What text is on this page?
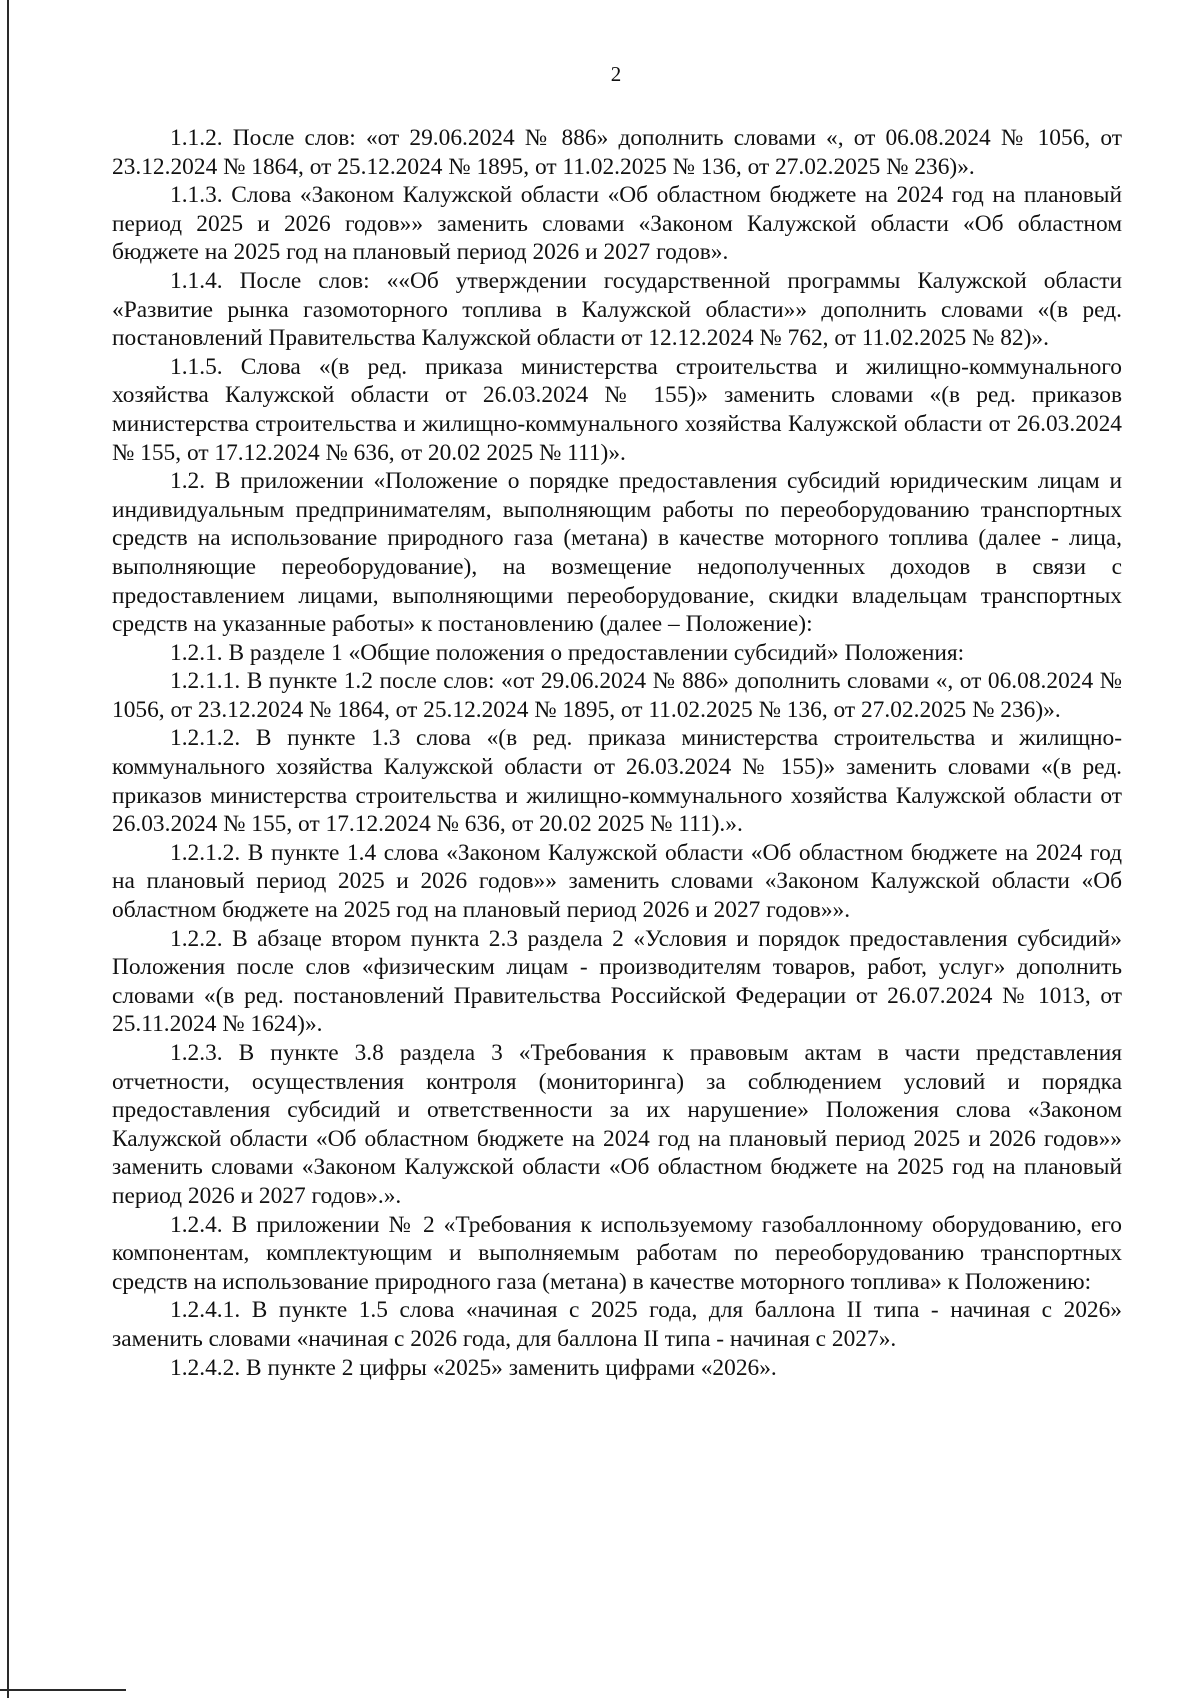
2

1.1.2. После слов: «от 29.06.2024 № 886» дополнить словами «, от 06.08.2024 № 1056, от 23.12.2024 № 1864, от 25.12.2024 № 1895, от 11.02.2025 № 136, от 27.02.2025 № 236)».

1.1.3. Слова «Законом Калужской области «Об областном бюджете на 2024 год на плановый период 2025 и 2026 годов»» заменить словами «Законом Калужской области «Об областном бюджете на 2025 год на плановый период 2026 и 2027 годов».

1.1.4. После слов: ««Об утверждении государственной программы Калужской области «Развитие рынка газомоторного топлива в Калужской области»» дополнить словами «(в ред. постановлений Правительства Калужской области от 12.12.2024 № 762, от 11.02.2025 № 82)».

1.1.5. Слова «(в ред. приказа министерства строительства и жилищно-коммунального хозяйства Калужской области от 26.03.2024 № 155)» заменить словами «(в ред. приказов министерства строительства и жилищно-коммунального хозяйства Калужской области от 26.03.2024 № 155, от 17.12.2024 № 636, от 20.02 2025 № 111)».

1.2. В приложении «Положение о порядке предоставления субсидий юридическим лицам и индивидуальным предпринимателям, выполняющим работы по переоборудованию транспортных средств на использование природного газа (метана) в качестве моторного топлива (далее - лица, выполняющие переоборудование), на возмещение недополученных доходов в связи с предоставлением лицами, выполняющими переоборудование, скидки владельцам транспортных средств на указанные работы» к постановлению (далее – Положение):

1.2.1. В разделе 1 «Общие положения о предоставлении субсидий» Положения:

1.2.1.1. В пункте 1.2 после слов: «от 29.06.2024 № 886» дополнить словами «, от 06.08.2024 № 1056, от 23.12.2024 № 1864, от 25.12.2024 № 1895, от 11.02.2025 № 136, от 27.02.2025 № 236)».

1.2.1.2. В пункте 1.3 слова «(в ред. приказа министерства строительства и жилищно-коммунального хозяйства Калужской области от 26.03.2024 № 155)» заменить словами «(в ред. приказов министерства строительства и жилищно-коммунального хозяйства Калужской области от 26.03.2024 № 155, от 17.12.2024 № 636, от 20.02 2025 № 111).».

1.2.1.2. В пункте 1.4 слова «Законом Калужской области «Об областном бюджете на 2024 год на плановый период 2025 и 2026 годов»» заменить словами «Законом Калужской области «Об областном бюджете на 2025 год на плановый период 2026 и 2027 годов»».

1.2.2. В абзаце втором пункта 2.3 раздела 2 «Условия и порядок предоставления субсидий» Положения после слов «физическим лицам - производителям товаров, работ, услуг» дополнить словами «(в ред. постановлений Правительства Российской Федерации от 26.07.2024 № 1013, от 25.11.2024 № 1624)».

1.2.3. В пункте 3.8 раздела 3 «Требования к правовым актам в части представления отчетности, осуществления контроля (мониторинга) за соблюдением условий и порядка предоставления субсидий и ответственности за их нарушение» Положения слова «Законом Калужской области «Об областном бюджете на 2024 год на плановый период 2025 и 2026 годов»» заменить словами «Законом Калужской области «Об областном бюджете на 2025 год на плановый период 2026 и 2027 годов».».

1.2.4. В приложении № 2 «Требования к используемому газобаллонному оборудованию, его компонентам, комплектующим и выполняемым работам по переоборудованию транспортных средств на использование природного газа (метана) в качестве моторного топлива» к Положению:

1.2.4.1. В пункте 1.5 слова «начиная с 2025 года, для баллона II типа - начиная с 2026» заменить словами «начиная с 2026 года, для баллона II типа - начиная с 2027».

1.2.4.2. В пункте 2 цифры «2025» заменить цифрами «2026».
